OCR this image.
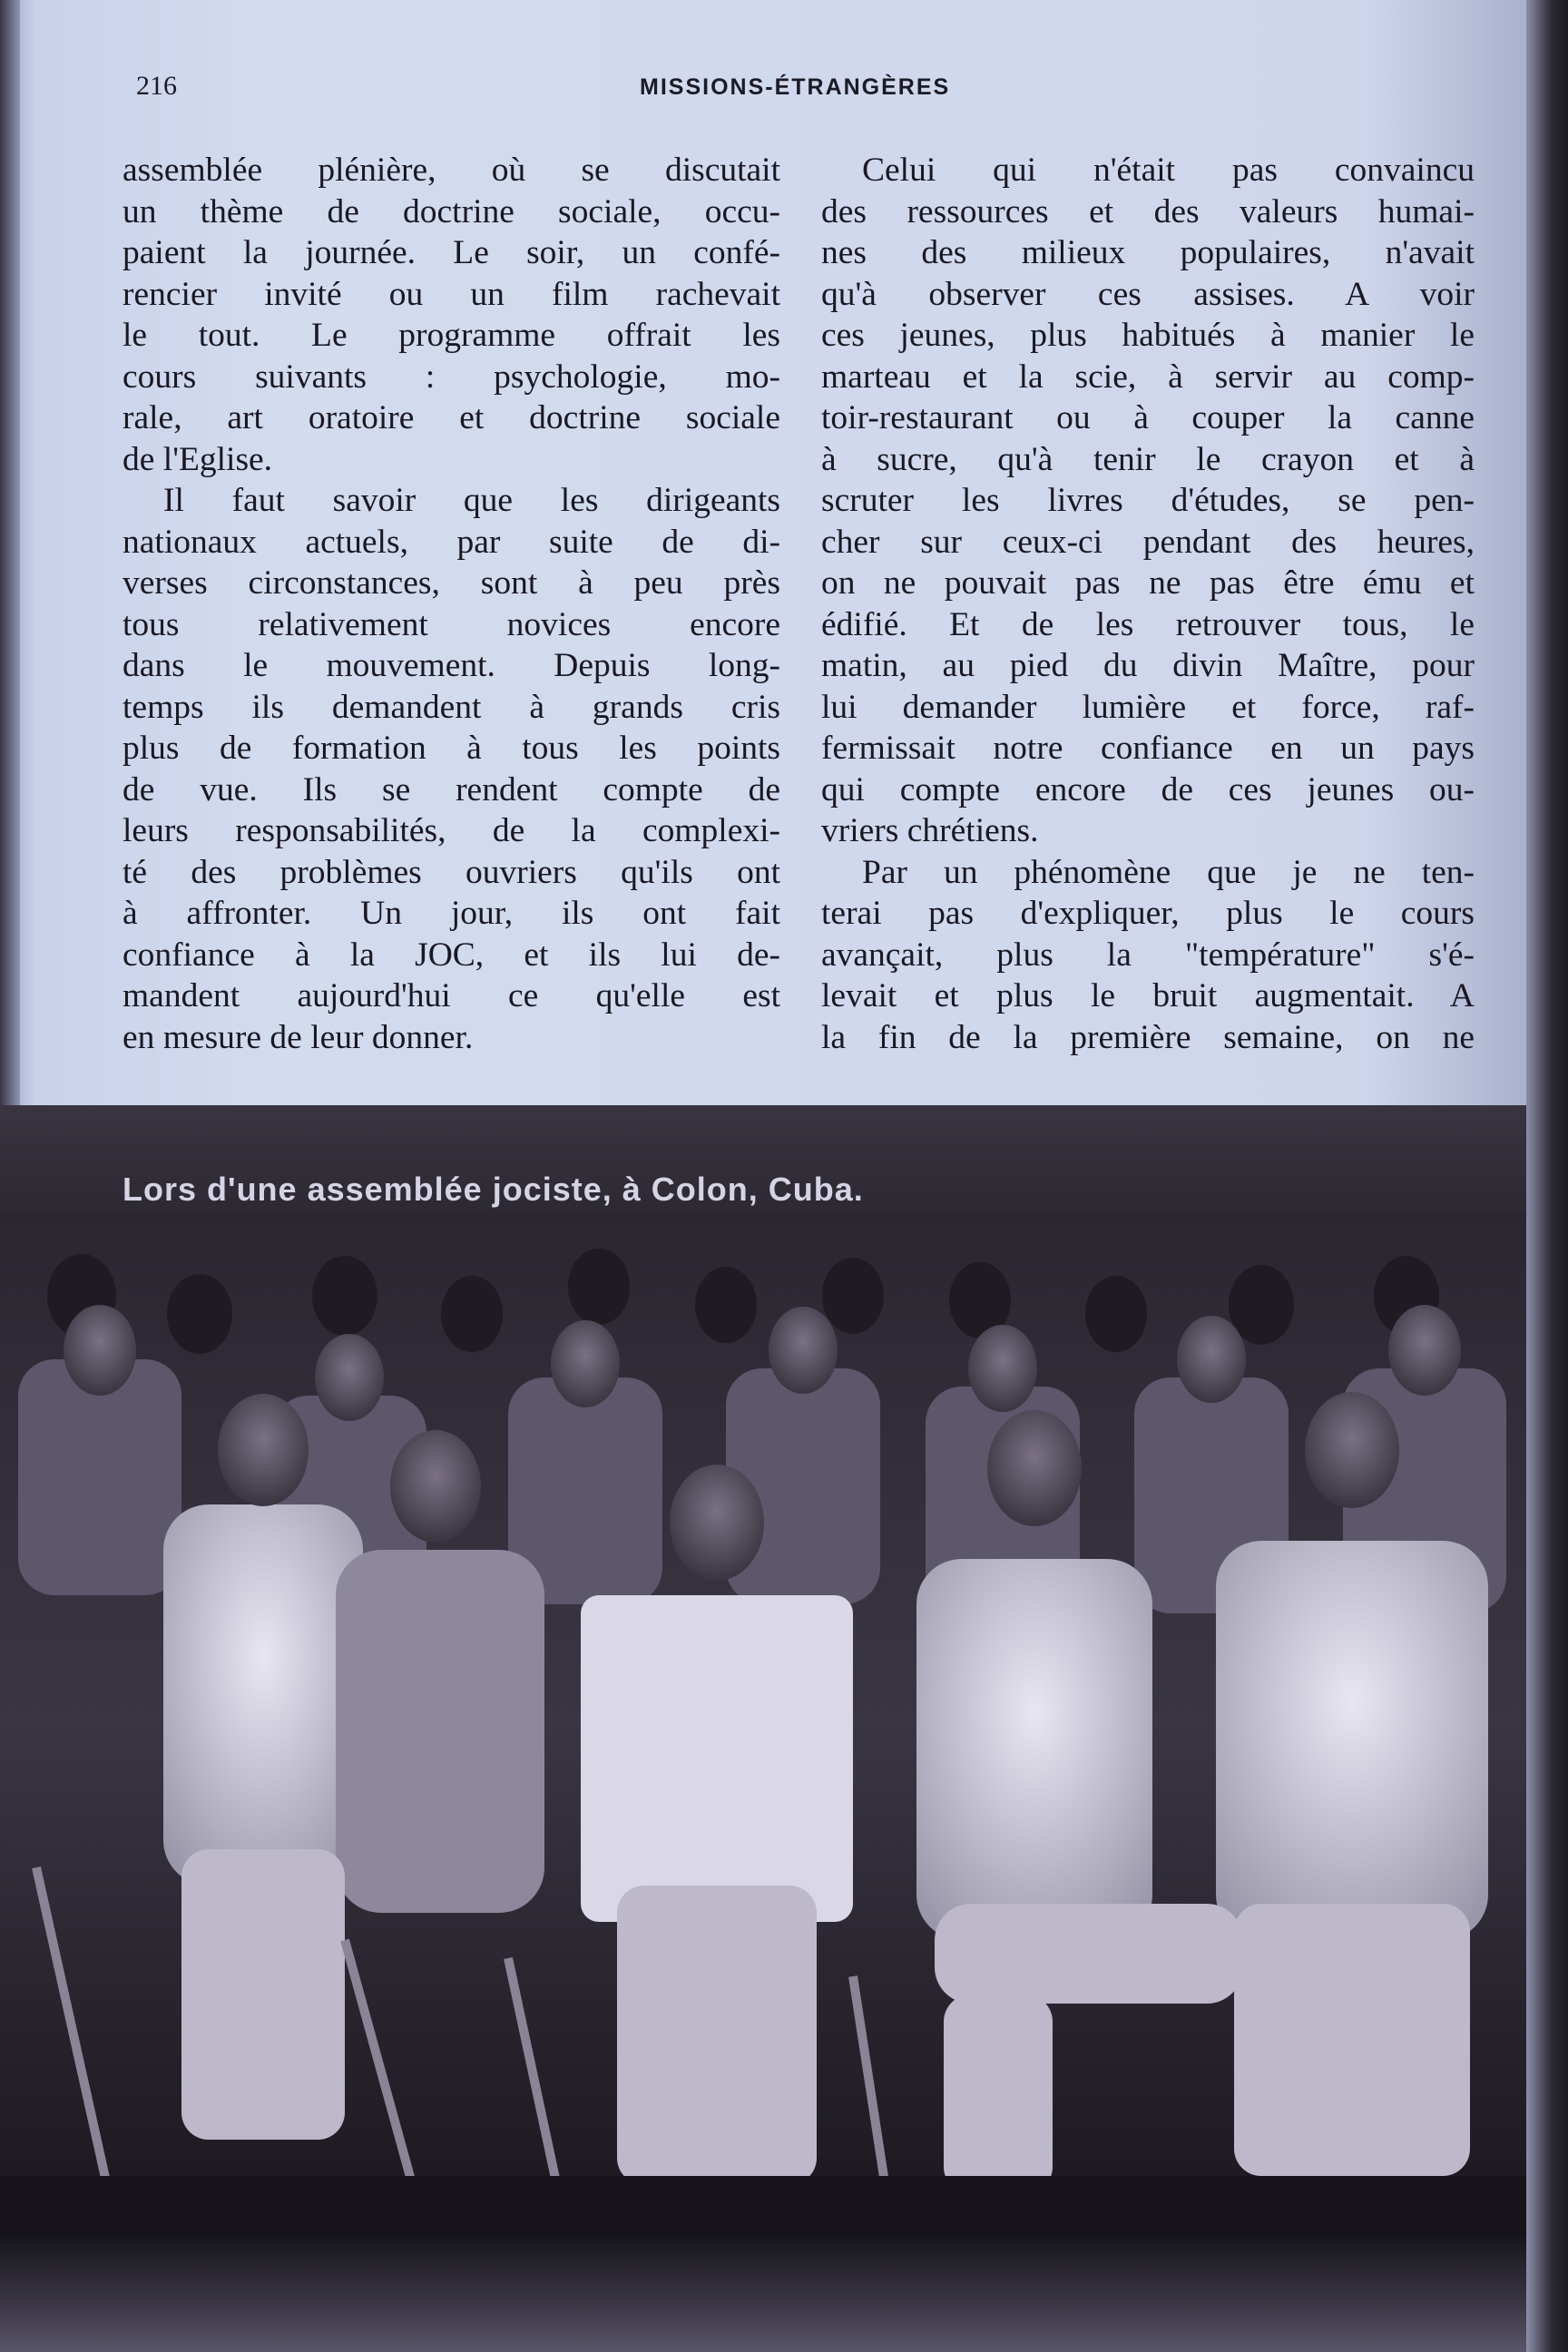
216	MISSIONS-ÉTRANGÈRES

assemblée plénière, où se discutait
un thème de doctrine sociale, occu-
paient la journée. Le soir, un confé-
rencier invité ou un film rachevait
le tout. Le programme offrait les
cours suivants : psychologie, mo-
rale, art oratoire et doctrine sociale
de l'Eglise.

Il faut savoir que les dirigeants

nationaux actuels, par suite de di-
verses circonstances, sont à peu près
tous relativement novices encore
dans le mouvement. Depuis long-
temps ils demandent à grands cris
plus de formation à tous les points
de vue. Ils se rendent compte de
leurs responsabilités, de la complexi-
té des problèmes ouvriers qu'ils ont
à affronter. Un jour, ils ont fait
confiance à la JOC, et ils lui de-
mandent aujourd'hui ce qu'elle est
en mesure de leur donner.

Celui qui n'était pas convaincu

des ressources et des valeurs humai-
nes des milieux populaires, n'avait
qu'à observer ces assises. A voir
ces jeunes, plus habitués à manier le
marteau et la scie, à servir au comp-
toir-restaurant ou à couper la canne
à sucre, qu'à tenir le crayon et à
scruter les livres d'études, se pen-
cher sur ceux-ci pendant des heures,
on ne pouvait pas ne pas être ému et
édifié. Et de les retrouver tous, le
matin, au pied du divin Maître, pour
lui demander lumière et force, raf-
fermissait notre confiance en un pays
qui compte encore de ces jeunes ou-
vriers chrétiens.

Par un phénomène que je ne ten-

terai pas d'expliquer, plus le cours
avançait, plus la "température" s'é-
levait et plus le bruit augmentait. A
la fin de la première semaine, on ne

Lors d'une assemblée jociste, à Colon, Cuba.
